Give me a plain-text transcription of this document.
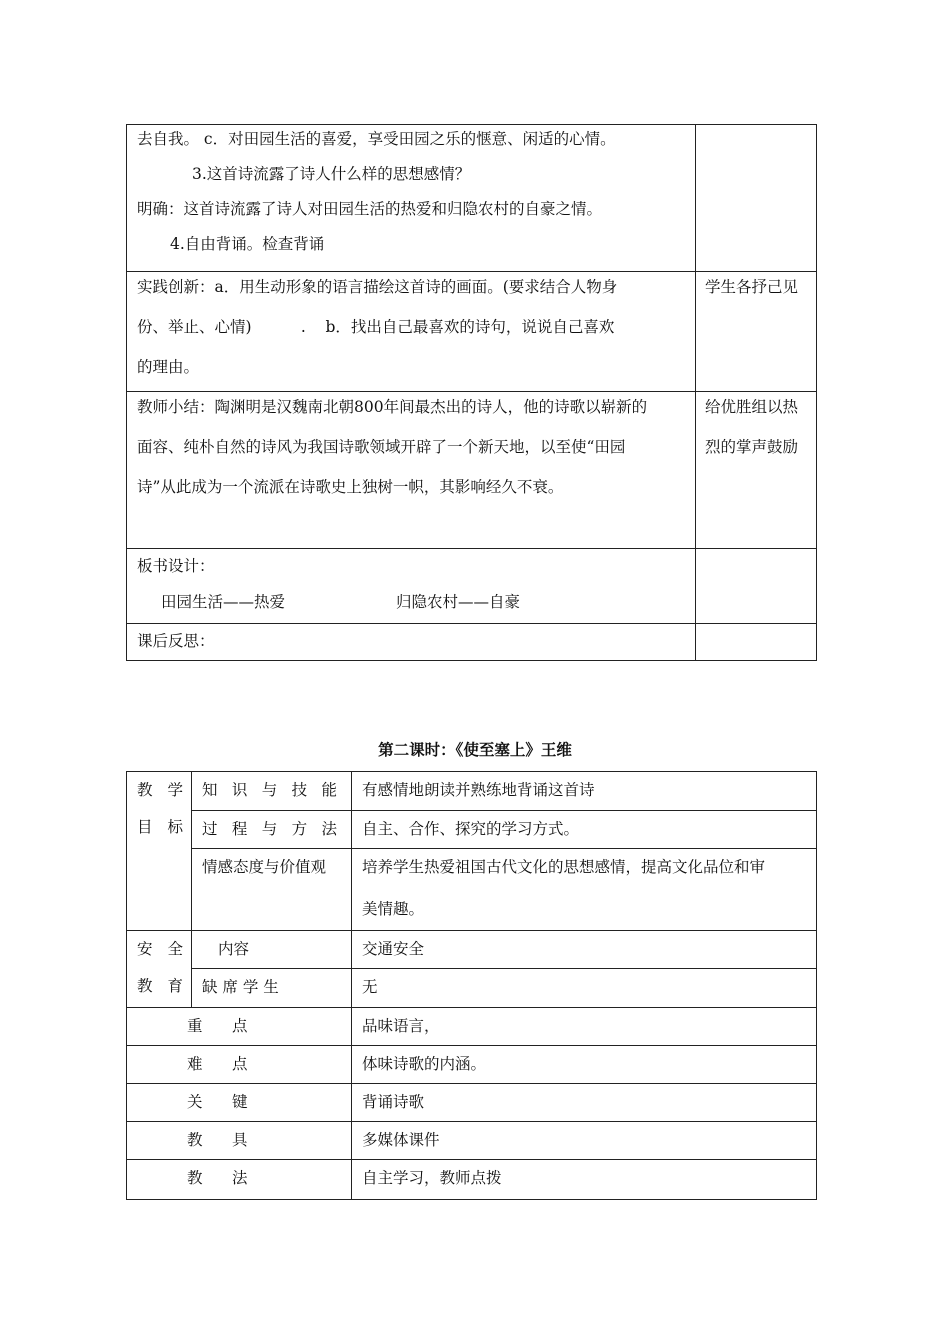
去自我。 c．对田园生活的喜爱，享受田园之乐的惬意、闲适的心情。
3.这首诗流露了诗人什么样的思想感情？
明确：这首诗流露了诗人对田园生活的热爱和归隐农村的自豪之情。
4.自由背诵。检查背诵	

实践创新：a．用生动形象的语言描绘这首诗的画面。(要求结合人物身
份、举止、心情)          .    b．找出自己最喜欢的诗句，说说自己喜欢
的理由。	学生各抒己见

教师小结：陶渊明是汉魏南北朝800年间最杰出的诗人，他的诗歌以崭新的
面容、纯朴自然的诗风为我国诗歌领域开辟了一个新天地，以至使“田园
诗”从此成为一个流派在诗歌史上独树一帜，其影响经久不衰。	给优胜组以热
烈的掌声鼓励

板书设计：
田园生活——热爱 归隐农村——自豪	

课后反思：	

第二课时：《使至塞上》王维
教 学
目 标	知 识 与 技 能	有感情地朗读并熟练地背诵这首诗

	过 程 与 方 法	自主、合作、探究的学习方式。

	情感态度与价值观	培养学生热爱祖国古代文化的思想感情，提高文化品位和审
美情趣。

安 全
教 育	内容	交通安全

	缺 席 学 生	无

重      点		品味语言，

难      点		体味诗歌的内涵。

关      键		背诵诗歌

教      具		多媒体课件

教      法		自主学习，教师点拨
